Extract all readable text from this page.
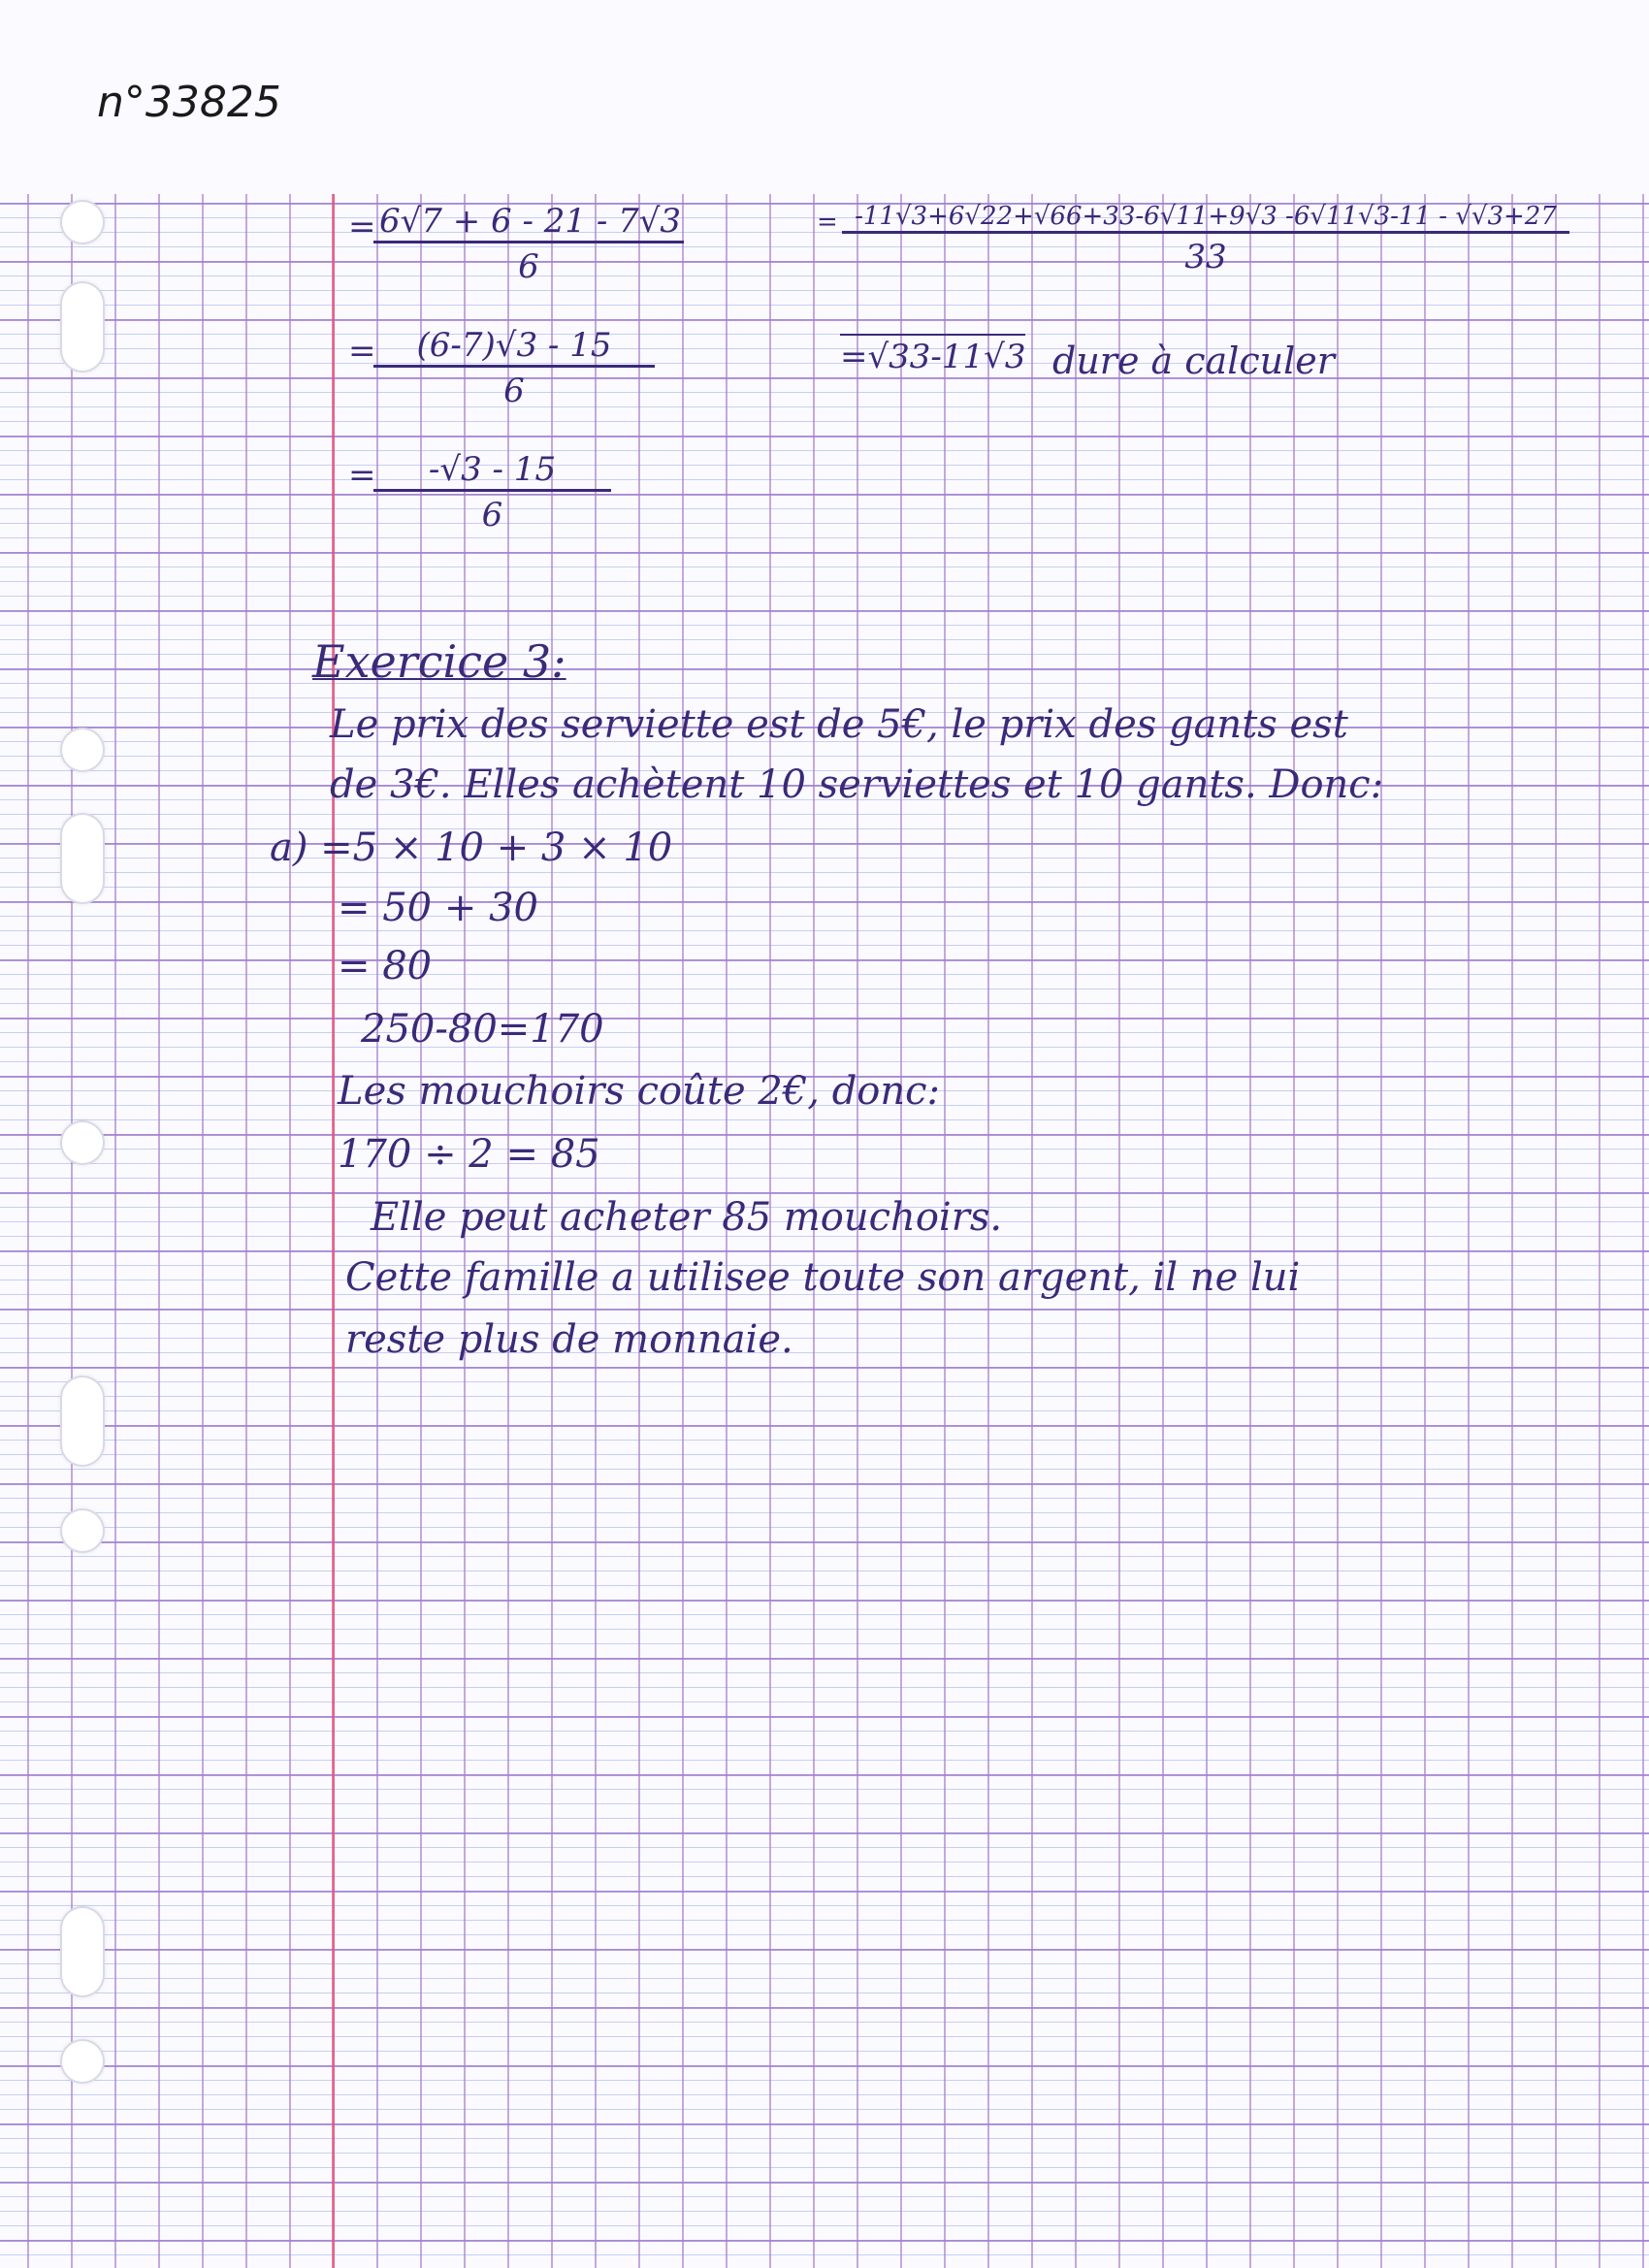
n°33825
= 6√7 + 6 - 21 - 7√3
6
=	(6-7)√3 - 15
6
=	-√3 - 15
6
= -11√3+6√22+√66+33-6√11+9√3 -6√11√3-11 - √√3+27
33
=√33-11√3 dure à calculer
Exercice 3:
Le prix des serviette est de 5€, le prix des gants est
de 3€. Elles achètent 10 serviettes et 10 gants. Donc:
a) =5 × 10 + 3 × 10
= 50 + 30
= 80
250-80=170
Les mouchoirs coûte 2€, donc:
170 ÷ 2 = 85
Elle peut acheter 85 mouchoirs.
Cette famille a utilisee toute son argent, il ne lui
reste plus de monnaie.
